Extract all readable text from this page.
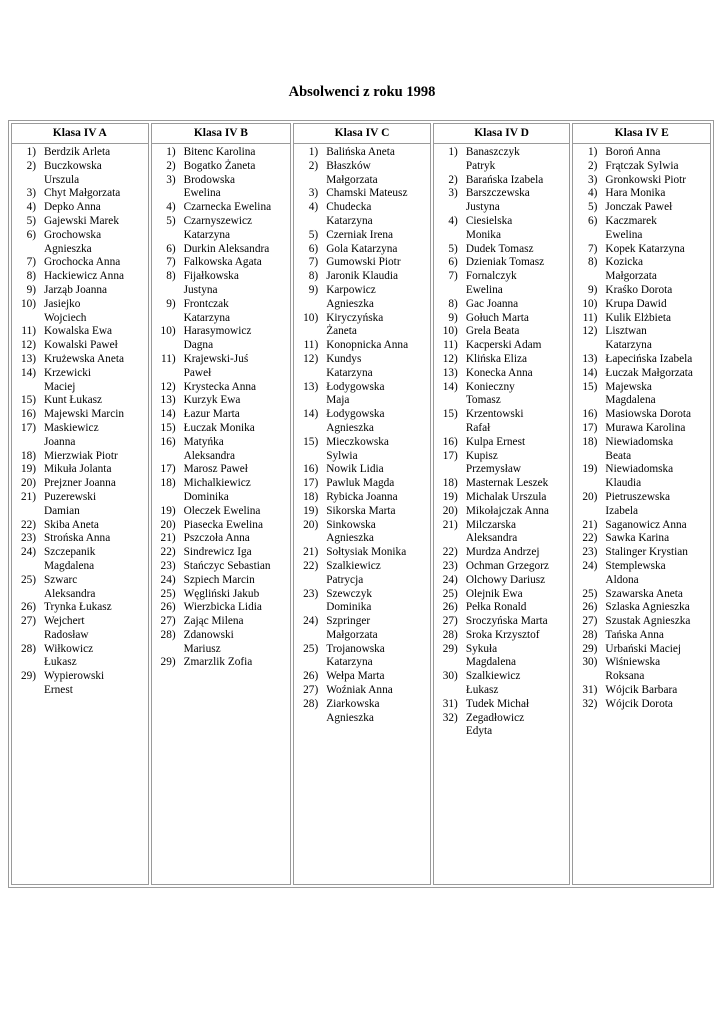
Absolwenci z roku 1998
Klasa IV A
1) Berdzik Arleta
2) Buczkowska
Urszula
3) Chyt Małgorzata
4) Depko Anna
5) Gajewski Marek
6) Grochowska
Agnieszka
7) Grochocka Anna
8) Hackiewicz Anna
9) Jarząb Joanna
10) Jasiejko
Wojciech
11) Kowalska Ewa
12) Kowalski Paweł
13) Krużewska Aneta
14) Krzewicki
Maciej
15) Kunt Łukasz
16) Majewski Marcin
17) Maskiewicz
Joanna
18) Mierzwiak Piotr
19) Mikuła Jolanta
20) Prejzner Joanna
21) Puzerewski
Damian
22) Skiba Aneta
23) Strońska Anna
24) Szczepanik
Magdalena
25) Szwarc
Aleksandra
26) Trynka Łukasz
27) Wejchert
Radosław
28) Wiłkowicz
Łukasz
29) Wypierowski
Ernest
Klasa IV B
1) Bitenc Karolina
2) Bogatko Żaneta
3) Brodowska
Ewelina
4) Czarnecka Ewelina
5) Czarnyszewicz
Katarzyna
6) Durkin Aleksandra
7) Falkowska Agata
8) Fijałkowska
Justyna
9) Frontczak
Katarzyna
10) Harasymowicz
Dagna
11) Krajewski-Juś
Paweł
12) Krystecka Anna
13) Kurzyk Ewa
14) Łazur Marta
15) Łuczak Monika
16) Matyńka
Aleksandra
17) Marosz Paweł
18) Michalkiewicz
Dominika
19) Oleczek Ewelina
20) Piasecka Ewelina
21) Pszczoła Anna
22) Sindrewicz Iga
23) Stańczyc Sebastian
24) Szpiech Marcin
25) Węgliński Jakub
26) Wierzbicka Lidia
27) Zając Milena
28) Zdanowski
Mariusz
29) Zmarzlik Zofia
Klasa IV C
1) Balińska Aneta
2) Błaszków
Małgorzata
3) Chamski Mateusz
4) Chudecka
Katarzyna
5) Czerniak Irena
6) Gola Katarzyna
7) Gumowski Piotr
8) Jaronik Klaudia
9) Karpowicz
Agnieszka
10) Kiryczyńska
Żaneta
11) Konopnicka Anna
12) Kundys
Katarzyna
13) Łodygowska
Maja
14) Łodygowska
Agnieszka
15) Mieczkowska
Sylwia
16) Nowik Lidia
17) Pawluk Magda
18) Rybicka Joanna
19) Sikorska Marta
20) Sinkowska
Agnieszka
21) Sołtysiak Monika
22) Szalkiewicz
Patrycja
23) Szewczyk
Dominika
24) Szpringer
Małgorzata
25) Trojanowska
Katarzyna
26) Wełpa Marta
27) Woźniak Anna
28) Ziarkowska
Agnieszka
Klasa IV D
1) Banaszczyk
Patryk
2) Barańska Izabela
3) Barszczewska
Justyna
4) Ciesielska
Monika
5) Dudek Tomasz
6) Dzieniak Tomasz
7) Fornalczyk
Ewelina
8) Gac Joanna
9) Gołuch Marta
10) Grela Beata
11) Kacperski Adam
12) Klińska Eliza
13) Konecka Anna
14) Konieczny
Tomasz
15) Krzentowski
Rafał
16) Kulpa Ernest
17) Kupisz
Przemysław
18) Masternak Leszek
19) Michalak Urszula
20) Mikołajczak Anna
21) Milczarska
Aleksandra
22) Murdza Andrzej
23) Ochman Grzegorz
24) Olchowy Dariusz
25) Olejnik Ewa
26) Pełka Ronald
27) Sroczyńska Marta
28) Sroka Krzysztof
29) Sykuła
Magdalena
30) Szalkiewicz
Łukasz
31) Tudek Michał
32) Zegadłowicz
Edyta
Klasa IV E
1) Boroń Anna
2) Frątczak Sylwia
3) Gronkowski Piotr
4) Hara Monika
5) Jonczak Paweł
6) Kaczmarek
Ewelina
7) Kopek Katarzyna
8) Kozicka
Małgorzata
9) Kraśko Dorota
10) Krupa Dawid
11) Kulik Elżbieta
12) Lisztwan
Katarzyna
13) Łapecińska Izabela
14) Łuczak Małgorzata
15) Majewska
Magdalena
16) Masiowska Dorota
17) Murawa Karolina
18) Niewiadomska
Beata
19) Niewiadomska
Klaudia
20) Pietruszewska
Izabela
21) Saganowicz Anna
22) Sawka Karina
23) Stalinger Krystian
24) Stemplewska
Aldona
25) Szawarska Aneta
26) Szlaska Agnieszka
27) Szustak Agnieszka
28) Tańska Anna
29) Urbański Maciej
30) Wiśniewska
Roksana
31) Wójcik Barbara
32) Wójcik Dorota
